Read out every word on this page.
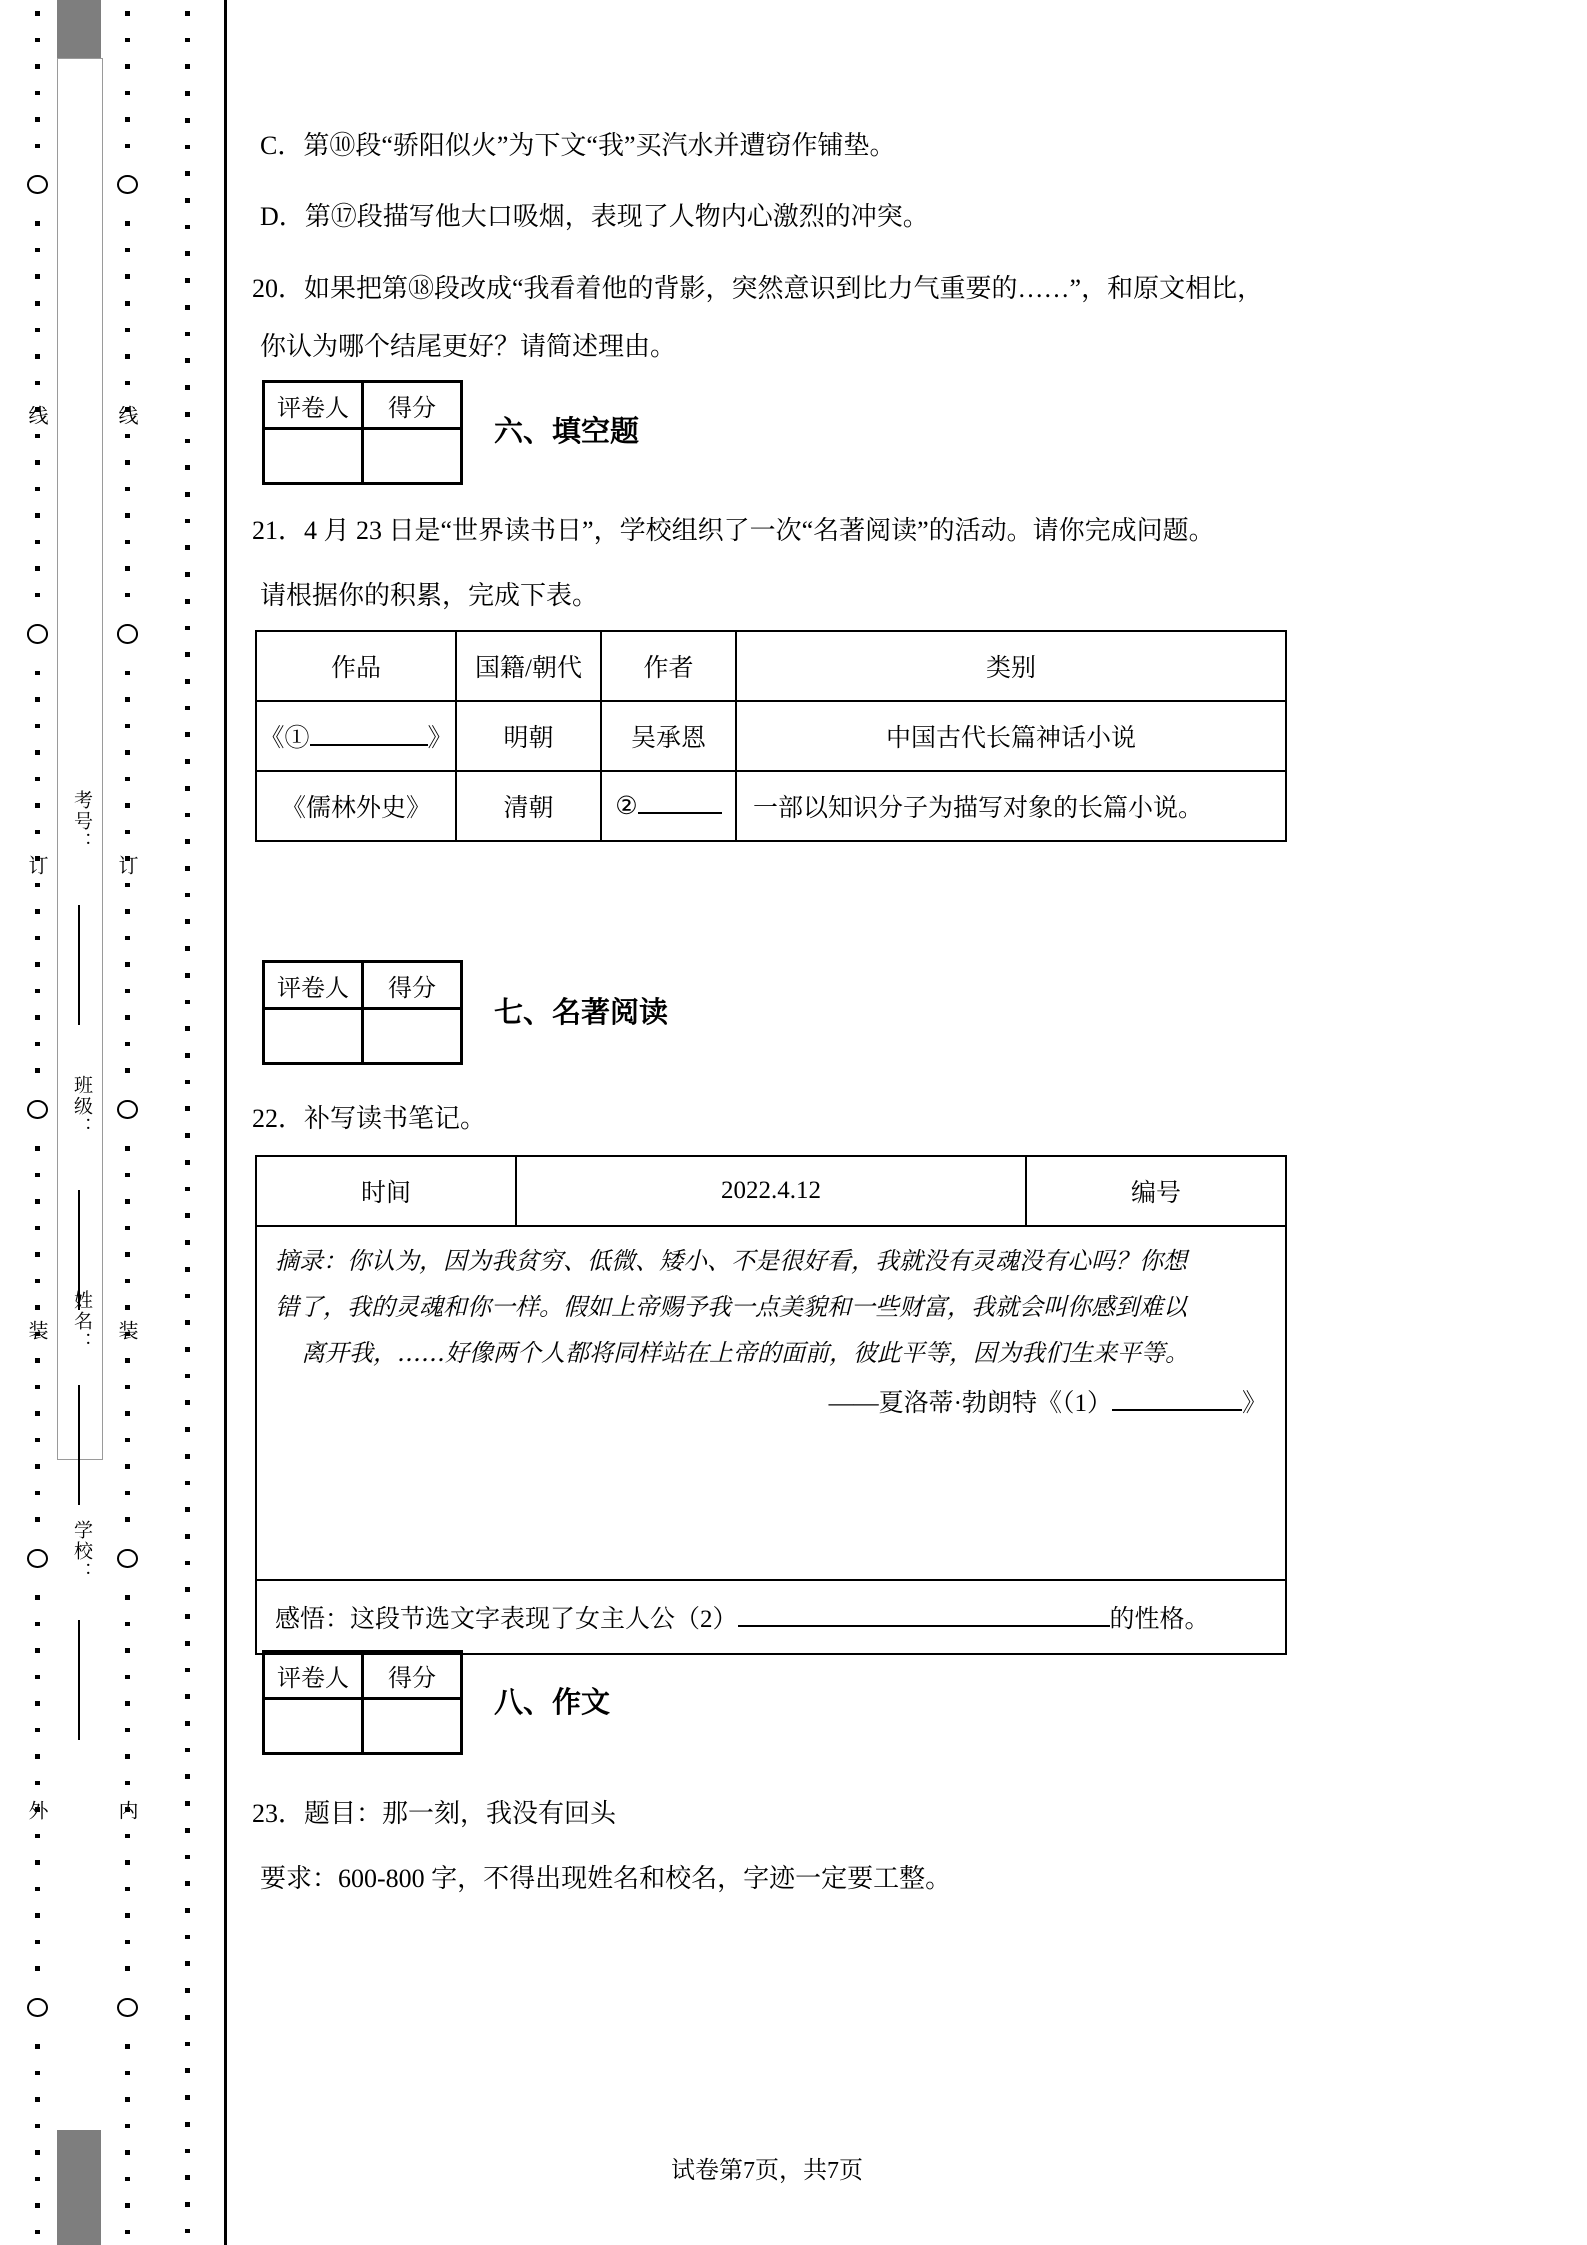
线
订
装
外
考号：
班级：
姓名：
学校：
线
订
装
内
C．第⑩段“骄阳似火”为下文“我”买汽水并遭窃作铺垫。
D．第⑰段描写他大口吸烟，表现了人物内心激烈的冲突。
20．如果把第⑱段改成“我看着他的背影，突然意识到比力气重要的……”，和原文相比，
你认为哪个结尾更好？请简述理由。
评卷人	得分
六、填空题
21．4 月 23 日是“世界读书日”，学校组织了一次“名著阅读”的活动。请你完成问题。
请根据你的积累，完成下表。
作品	国籍/朝代	作者	类别
《① 》	明朝	吴承恩	中国古代长篇神话小说
《儒林外史》	清朝	②	一部以知识分子为描写对象的长篇小说。
评卷人	得分
七、名著阅读
22．补写读书笔记。
时间	2022.4.12	编号

摘录：你认为，因为我贫穷、低微、矮小、不是很好看，我就没有灵魂没有心吗？你想
错了，我的灵魂和你一样。假如上帝赐予我一点美貌和一些财富，我就会叫你感到难以
离开我，……好像两个人都将同样站在上帝的面前，彼此平等，因为我们生来平等。
——夏洛蒂·勃朗特《（1）	》

感悟：这段节选文字表现了女主人公（2）	的性格。
评卷人	得分
八、作文
23．题目：那一刻，我没有回头
要求：600-800 字，不得出现姓名和校名，字迹一定要工整。
试卷第7页，共7页
